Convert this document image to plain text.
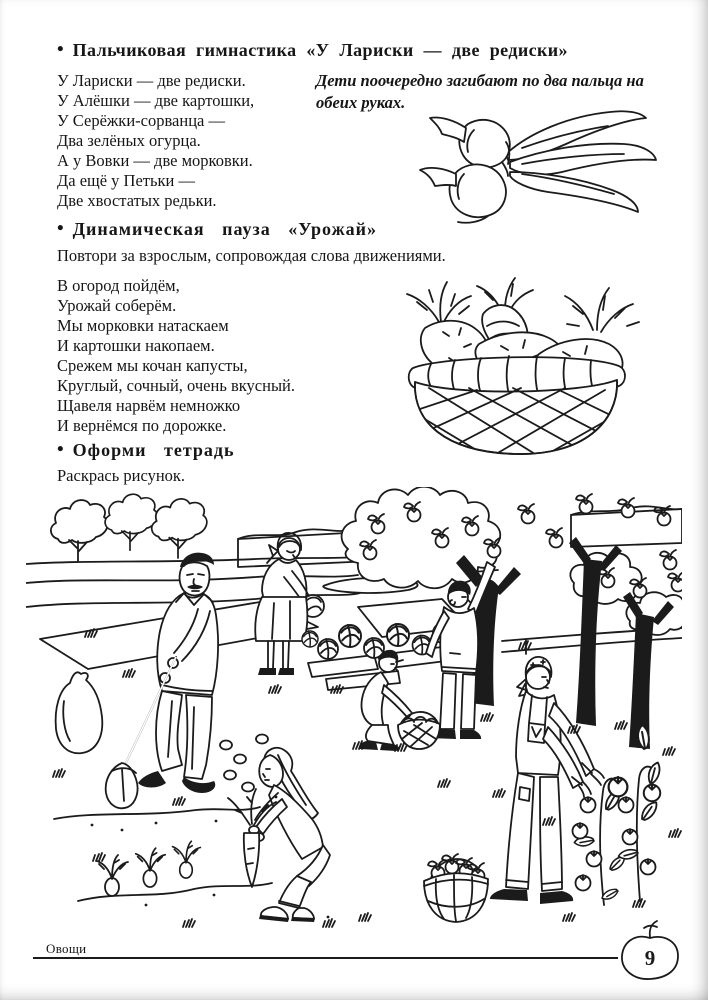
• Пальчиковая гимнастика «У Лариски — две редиски»
У Лариски — две редиски.
У Алёшки — две картошки,
У Серёжки-сорванца —
Два зелёных огурца.
А у Вовки — две морковки.
Да ещё у Петьки —
Две хвостатых редьки.
Дети поочередно загибают по два пальца на обеих руках.
• Динамическая пауза «Урожай»
Повтори за взрослым, сопровождая слова движениями.
В огород пойдём,
Урожай соберём.
Мы морковки натаскаем
И картошки накопаем.
Срежем мы кочан капусты,
Круглый, сочный, очень вкусный.
Щавеля нарвём немножко
И вернёмся по дорожке.
• Оформи тетрадь
Раскрась рисунок.
Овощи	9
